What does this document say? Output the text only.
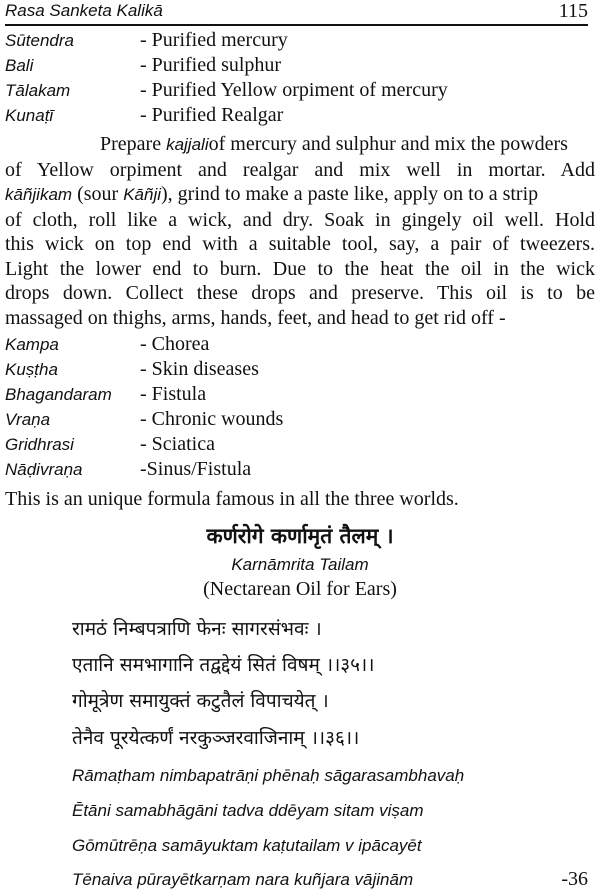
Rasa Sanketa Kalikā	115
Sūtendra	- Purified mercury
Bali	- Purified sulphur
Tālakam	- Purified Yellow orpiment of mercury
Kunaṭī	- Purified Realgar
Prepare kajjaliof mercury and sulphur and mix the powders
of Yellow orpiment and realgar and mix well in mortar. Add
kāñjikam (sour Kāñji), grind to make a paste like, apply on to a strip
of cloth, roll like a wick, and dry. Soak in gingely oil well. Hold
this wick on top end with a suitable tool, say, a pair of tweezers.
Light the lower end to burn. Due to the heat the oil in the wick
drops down. Collect these drops and preserve. This oil is to be
massaged on thighs, arms, hands, feet, and head to get rid off -
Kampa	- Chorea
Kuṣṭha	- Skin diseases
Bhagandaram - Fistula
Vraṇa	- Chronic wounds
Gridhrasi	- Sciatica
Nāḍivraṇa	-Sinus/Fistula
This is an unique formula famous in all the three worlds.
कर्णरोगे कर्णामृतं तैलम् ।
Karnāmrita Tailam
(Nectarean Oil for Ears)
रामठं निम्बपत्राणि फेनः सागरसंभवः ।
एतानि समभागानि तद्वद्देयं सितं विषम् ।।३५।।
गोमूत्रेण समायुक्तं कटुतैलं विपाचयेत् ।
तेनैव पूरयेत्कर्णं नरकुञ्जरवाजिनाम् ।।३६।।
Rāmaṭham nimbapatrāṇi phēnaḥ sāgarasambhavaḥ
Ētāni samabhāgāni tadva ddēyam sitam viṣam
Gōmūtrēṇa samāyuktam kaṭutailam v ipācayēt
Tēnaiva pūrayētkarṇam nara kuñjara vājinām	-36
